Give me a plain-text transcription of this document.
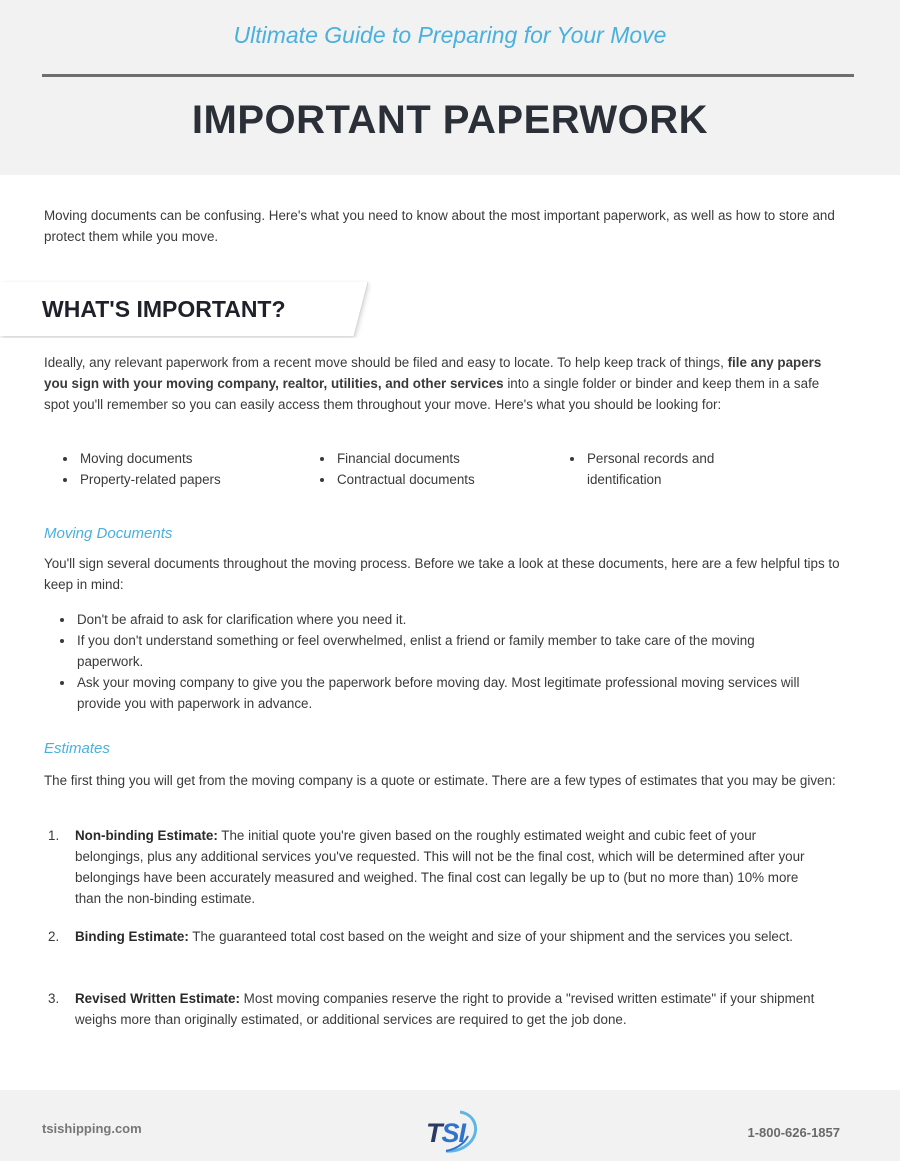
Ultimate Guide to Preparing for Your Move
IMPORTANT PAPERWORK

Moving documents can be confusing. Here's what you need to know about the most important paperwork, as well as how to store and protect them while you move.

WHAT'S IMPORTANT?

Ideally, any relevant paperwork from a recent move should be filed and easy to locate. To help keep track of things, file any papers you sign with your moving company, realtor, utilities, and other services into a single folder or binder and keep them in a safe spot you'll remember so you can easily access them throughout your move. Here's what you should be looking for:

• Moving documents
• Property-related papers
• Financial documents
• Contractual documents
• Personal records and identification
Moving Documents

You'll sign several documents throughout the moving process. Before we take a look at these documents, here are a few helpful tips to keep in mind:

• Don't be afraid to ask for clarification where you need it.
• If you don't understand something or feel overwhelmed, enlist a friend or family member to take care of the moving paperwork.
• Ask your moving company to give you the paperwork before moving day. Most legitimate professional moving services will provide you with paperwork in advance.
Estimates

The first thing you will get from the moving company is a quote or estimate. There are a few types of estimates that you may be given:

1.	Non-binding Estimate: The initial quote you're given based on the roughly estimated weight and cubic feet of your belongings, plus any additional services you've requested. This will not be the final cost, which will be determined after your belongings have been accurately measured and weighed. The final cost can legally be up to (but no more than) 10% more than the non-binding estimate.
2.	Binding Estimate: The guaranteed total cost based on the weight and size of your shipment and the services you select.
3.	Revised Written Estimate: Most moving companies reserve the right to provide a "revised written estimate" if your shipment weighs more than originally estimated, or additional services are required to get the job done.
tsishipping.com	TSI	1-800-626-1857
